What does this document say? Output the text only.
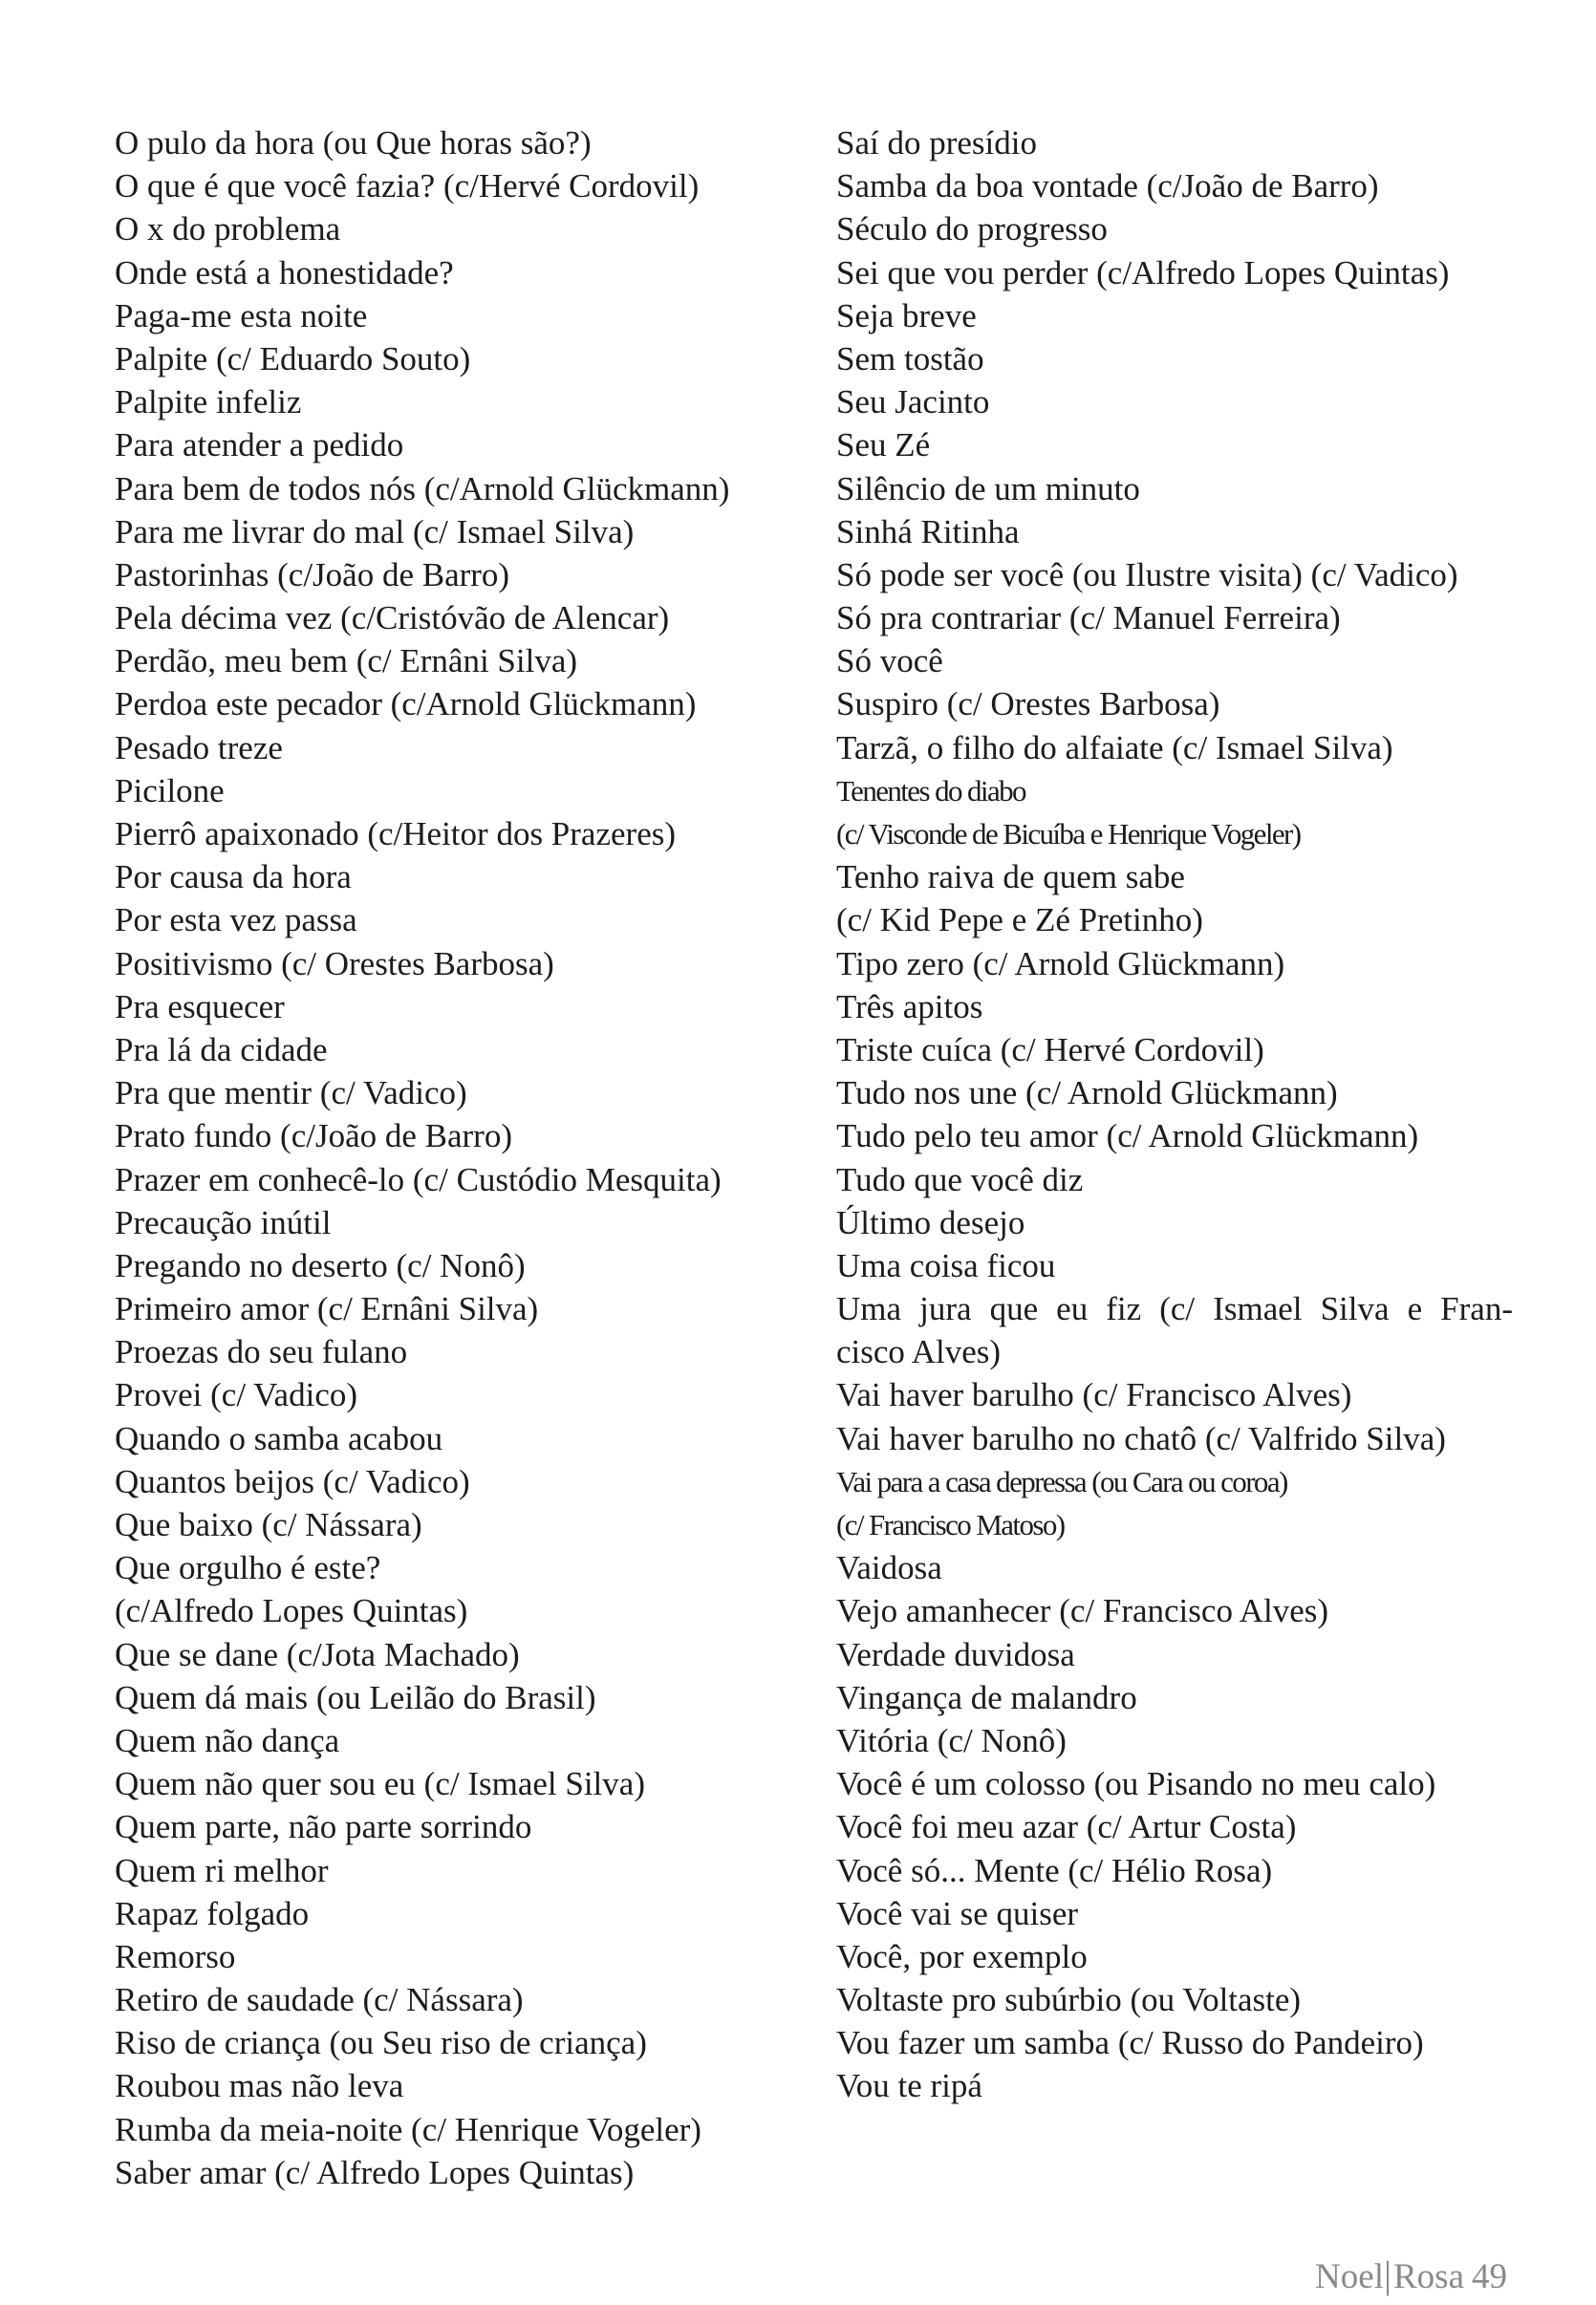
O pulo da hora (ou Que horas são?)
O que é que você fazia? (c/Hervé Cordovil)
O x do problema
Onde está a honestidade?
Paga-me esta noite
Palpite (c/ Eduardo Souto)
Palpite infeliz
Para atender a pedido
Para bem de todos nós (c/Arnold Glückmann)
Para me livrar do mal (c/ Ismael Silva)
Pastorinhas (c/João de Barro)
Pela décima vez (c/Cristóvão de Alencar)
Perdão, meu bem (c/ Ernâni Silva)
Perdoa este pecador (c/Arnold Glückmann)
Pesado treze
Picilone
Pierrô apaixonado (c/Heitor dos Prazeres)
Por causa da hora
Por esta vez passa
Positivismo (c/ Orestes Barbosa)
Pra esquecer
Pra lá da cidade
Pra que mentir (c/ Vadico)
Prato fundo (c/João de Barro)
Prazer em conhecê-lo (c/ Custódio Mesquita)
Precaução inútil
Pregando no deserto (c/ Nonô)
Primeiro amor (c/ Ernâni Silva)
Proezas do seu fulano
Provei (c/ Vadico)
Quando o samba acabou
Quantos beijos (c/ Vadico)
Que baixo (c/ Nássara)
Que orgulho é este?
(c/Alfredo Lopes Quintas)
Que se dane (c/Jota Machado)
Quem dá mais (ou Leilão do Brasil)
Quem não dança
Quem não quer sou eu (c/ Ismael Silva)
Quem parte, não parte sorrindo
Quem ri melhor
Rapaz folgado
Remorso
Retiro de saudade (c/ Nássara)
Riso de criança (ou Seu riso de criança)
Roubou mas não leva
Rumba da meia-noite (c/ Henrique Vogeler)
Saber amar (c/ Alfredo Lopes Quintas)
Saí do presídio
Samba da boa vontade (c/João de Barro)
Século do progresso
Sei que vou perder (c/Alfredo Lopes Quintas)
Seja breve
Sem tostão
Seu Jacinto
Seu Zé
Silêncio de um minuto
Sinhá Ritinha
Só pode ser você (ou Ilustre visita) (c/ Vadico)
Só pra contrariar (c/ Manuel Ferreira)
Só você
Suspiro (c/ Orestes Barbosa)
Tarzã, o filho do alfaiate (c/ Ismael Silva)
Tenentes do diabo
(c/ Visconde de Bicuíba e Henrique Vogeler)
Tenho raiva de quem sabe
(c/ Kid Pepe e Zé Pretinho)
Tipo zero (c/ Arnold Glückmann)
Três apitos
Triste cuíca (c/ Hervé Cordovil)
Tudo nos une (c/ Arnold Glückmann)
Tudo pelo teu amor (c/ Arnold Glückmann)
Tudo que você diz
Último desejo
Uma coisa ficou
Uma jura que eu fiz (c/ Ismael Silva e Fran-
cisco Alves)
Vai haver barulho (c/ Francisco Alves)
Vai haver barulho no chatô (c/ Valfrido Silva)
Vai para a casa depressa (ou Cara ou coroa)
(c/ Francisco Matoso)
Vaidosa
Vejo amanhecer (c/ Francisco Alves)
Verdade duvidosa
Vingança de malandro
Vitória (c/ Nonô)
Você é um colosso (ou Pisando no meu calo)
Você foi meu azar (c/ Artur Costa)
Você só... Mente (c/ Hélio Rosa)
Você vai se quiser
Você, por exemplo
Voltaste pro subúrbio (ou Voltaste)
Vou fazer um samba (c/ Russo do Pandeiro)
Vou te ripá
Noel|Rosa 49
